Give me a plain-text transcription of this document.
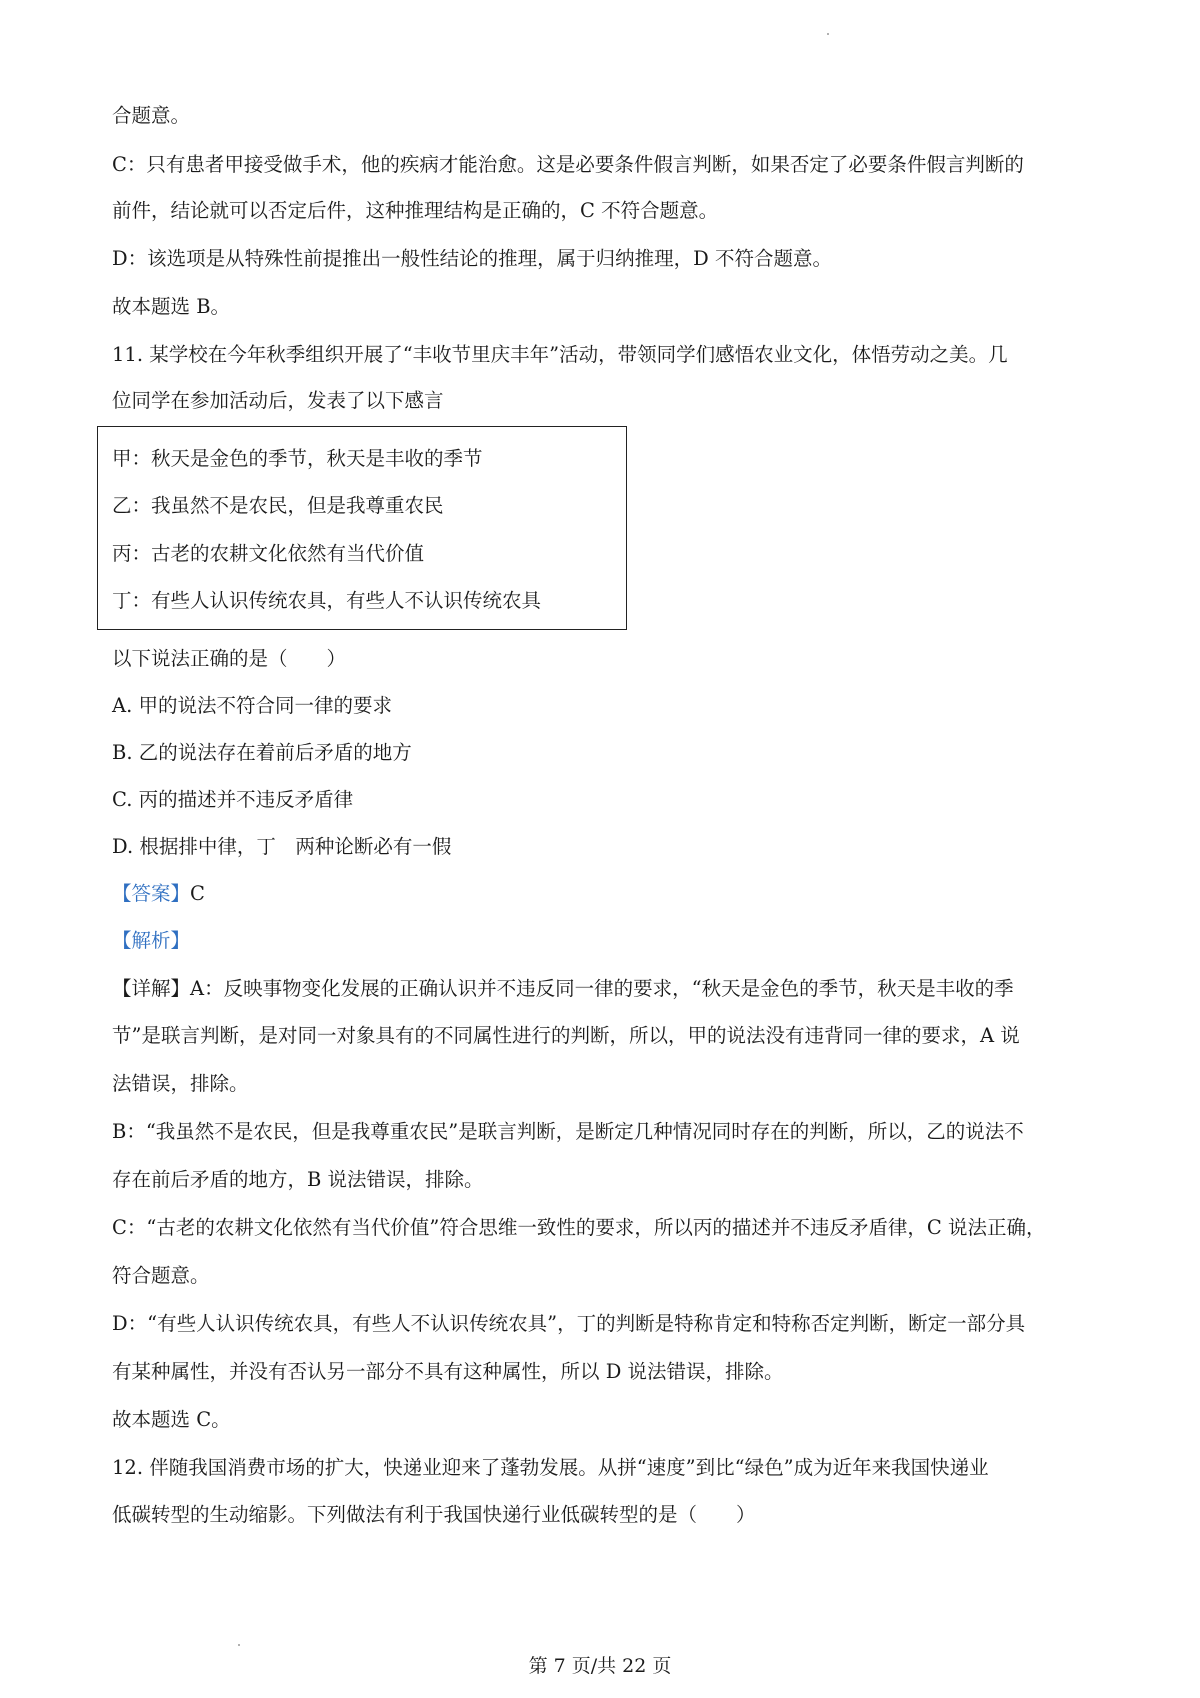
合题意。
C：只有患者甲接受做手术，他的疾病才能治愈。这是必要条件假言判断，如果否定了必要条件假言判断的
前件，结论就可以否定后件，这种推理结构是正确的，C 不符合题意。
D：该选项是从特殊性前提推出一般性结论的推理，属于归纳推理，D 不符合题意。
故本题选 B。
11. 某学校在今年秋季组织开展了“丰收节里庆丰年”活动，带领同学们感悟农业文化，体悟劳动之美。几
位同学在参加活动后，发表了以下感言
甲：秋天是金色的季节，秋天是丰收的季节
乙：我虽然不是农民，但是我尊重农民
丙：古老的农耕文化依然有当代价值
丁：有些人认识传统农具，有些人不认识传统农具
以下说法正确的是（　　）
A. 甲的说法不符合同一律的要求
B. 乙的说法存在着前后矛盾的地方
C. 丙的描述并不违反矛盾律
D. 根据排中律，丁　两种论断必有一假
【答案】C
【解析】
【详解】A：反映事物变化发展的正确认识并不违反同一律的要求，“秋天是金色的季节，秋天是丰收的季
节”是联言判断，是对同一对象具有的不同属性进行的判断，所以，甲的说法没有违背同一律的要求，A 说
法错误，排除。
B：“我虽然不是农民，但是我尊重农民”是联言判断，是断定几种情况同时存在的判断，所以，乙的说法不
存在前后矛盾的地方，B 说法错误，排除。
C：“古老的农耕文化依然有当代价值”符合思维一致性的要求，所以丙的描述并不违反矛盾律，C 说法正确，
符合题意。
D：“有些人认识传统农具，有些人不认识传统农具”，丁的判断是特称肯定和特称否定判断，断定一部分具
有某种属性，并没有否认另一部分不具有这种属性，所以 D 说法错误，排除。
故本题选 C。
12. 伴随我国消费市场的扩大，快递业迎来了蓬勃发展。从拼“速度”到比“绿色”成为近年来我国快递业
低碳转型的生动缩影。下列做法有利于我国快递行业低碳转型的是（　　）
第 7 页/共 22 页
